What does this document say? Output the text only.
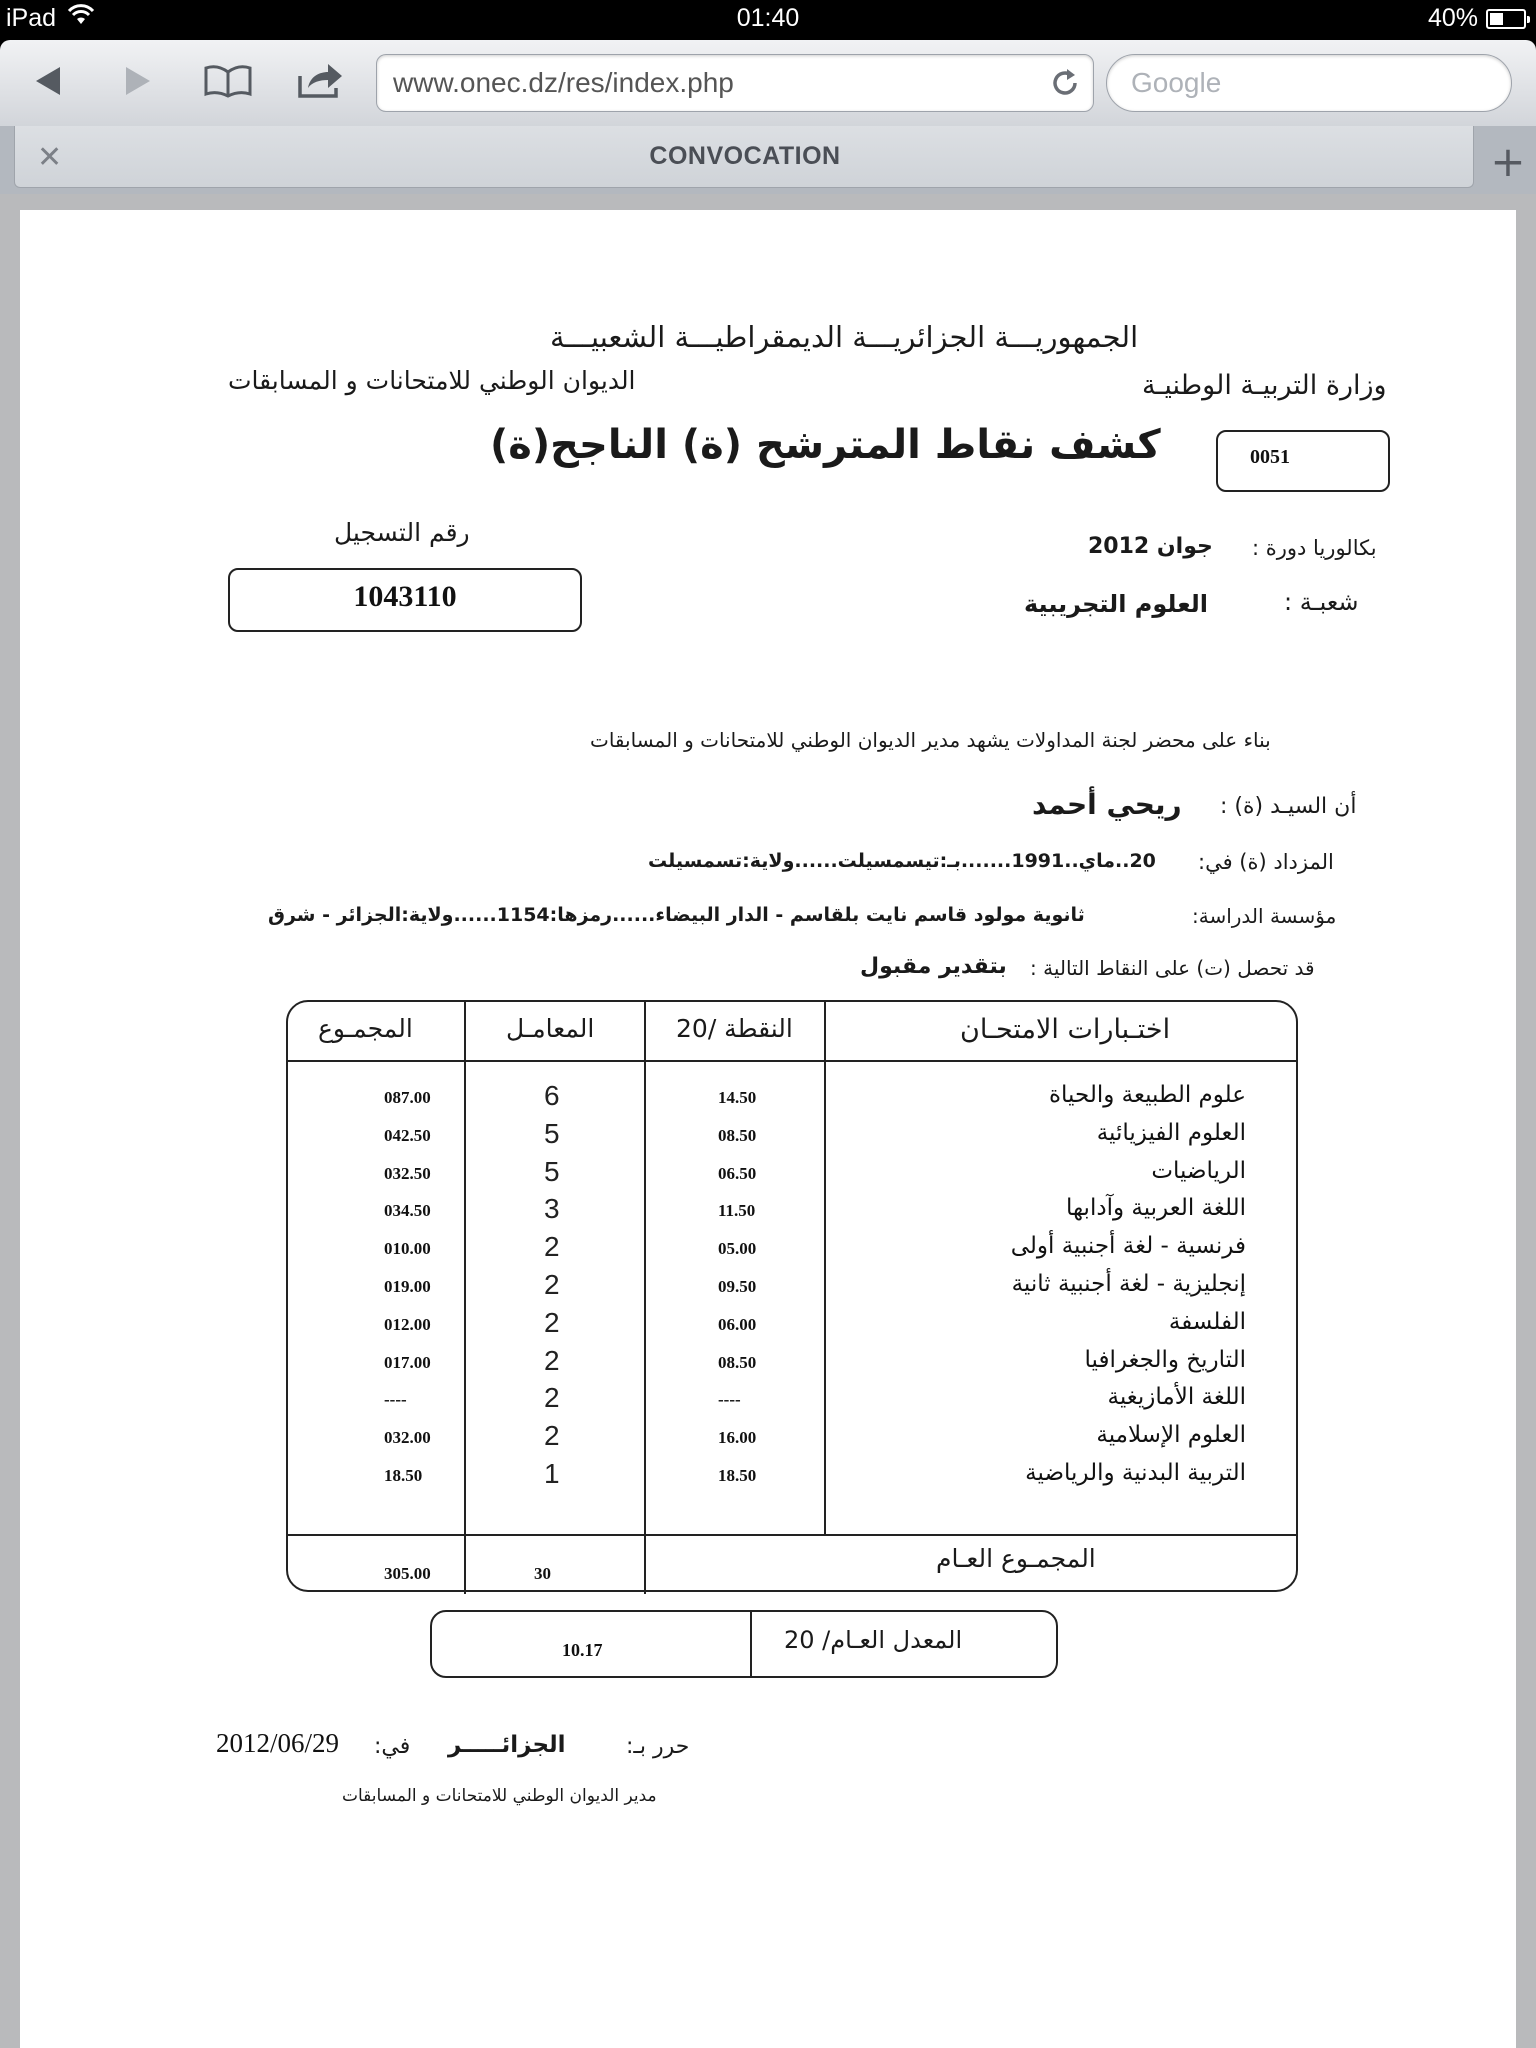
iPad	01:40	40%
www.onec.dz/res/index.php	Google
✕	CONVOCATION	+
الجمهوريـــة الجزائريـــة الديمقراطيـــة الشعبيـــة
وزارة التربيـة الوطنيـة
الديوان الوطني للامتحانات و المسابقات
كشف نقاط المترشح (ة) الناجح(ة)	0051
رقم التسجيل
1043110
بكالوريا دورة :
جوان 2012
شعبـة :
العلوم التجريبية
بناء على محضر لجنة المداولات يشهد مدير الديوان الوطني للامتحانات و المسابقات
أن السيـد (ة) :
ريحي أحمد
المزداد (ة) في:
20..ماي..1991.......بـ:تيسمسيلت......ولاية:تسمسيلت
مؤسسة الدراسة:
ثانوية مولود قاسم نايت بلقاسم - الدار البيضاء......رمزها:1154......ولاية:الجزائر - شرق
قد تحصل (ت) على النقاط التالية :
بتقدير مقبول
المجمـوع	المعامـل	النقطة /20	اختـبارات الامتحـان
087.00	6	14.50	علوم الطبيعة والحياة
042.50	5	08.50	العلوم الفيزيائية
032.50	5	06.50	الرياضيات
034.50	3	11.50	اللغة العربية وآدابها
010.00	2	05.00	فرنسية - لغة أجنبية أولى
019.00	2	09.50	إنجليزية - لغة أجنبية ثانية
012.00	2	06.00	الفلسفة
017.00	2	08.50	التاريخ والجغرافيا
----	2	----	اللغة الأمازيغية
032.00	2	16.00	العلوم الإسلامية
18.50	1	18.50	التربية البدنية والرياضية
المجمـوع العـام
305.00	30
10.17	المعدل العـام/ 20
حرر بـ:
الجزائـــــر
في:
2012/06/29
مدير الديوان الوطني للامتحانات و المسابقات
